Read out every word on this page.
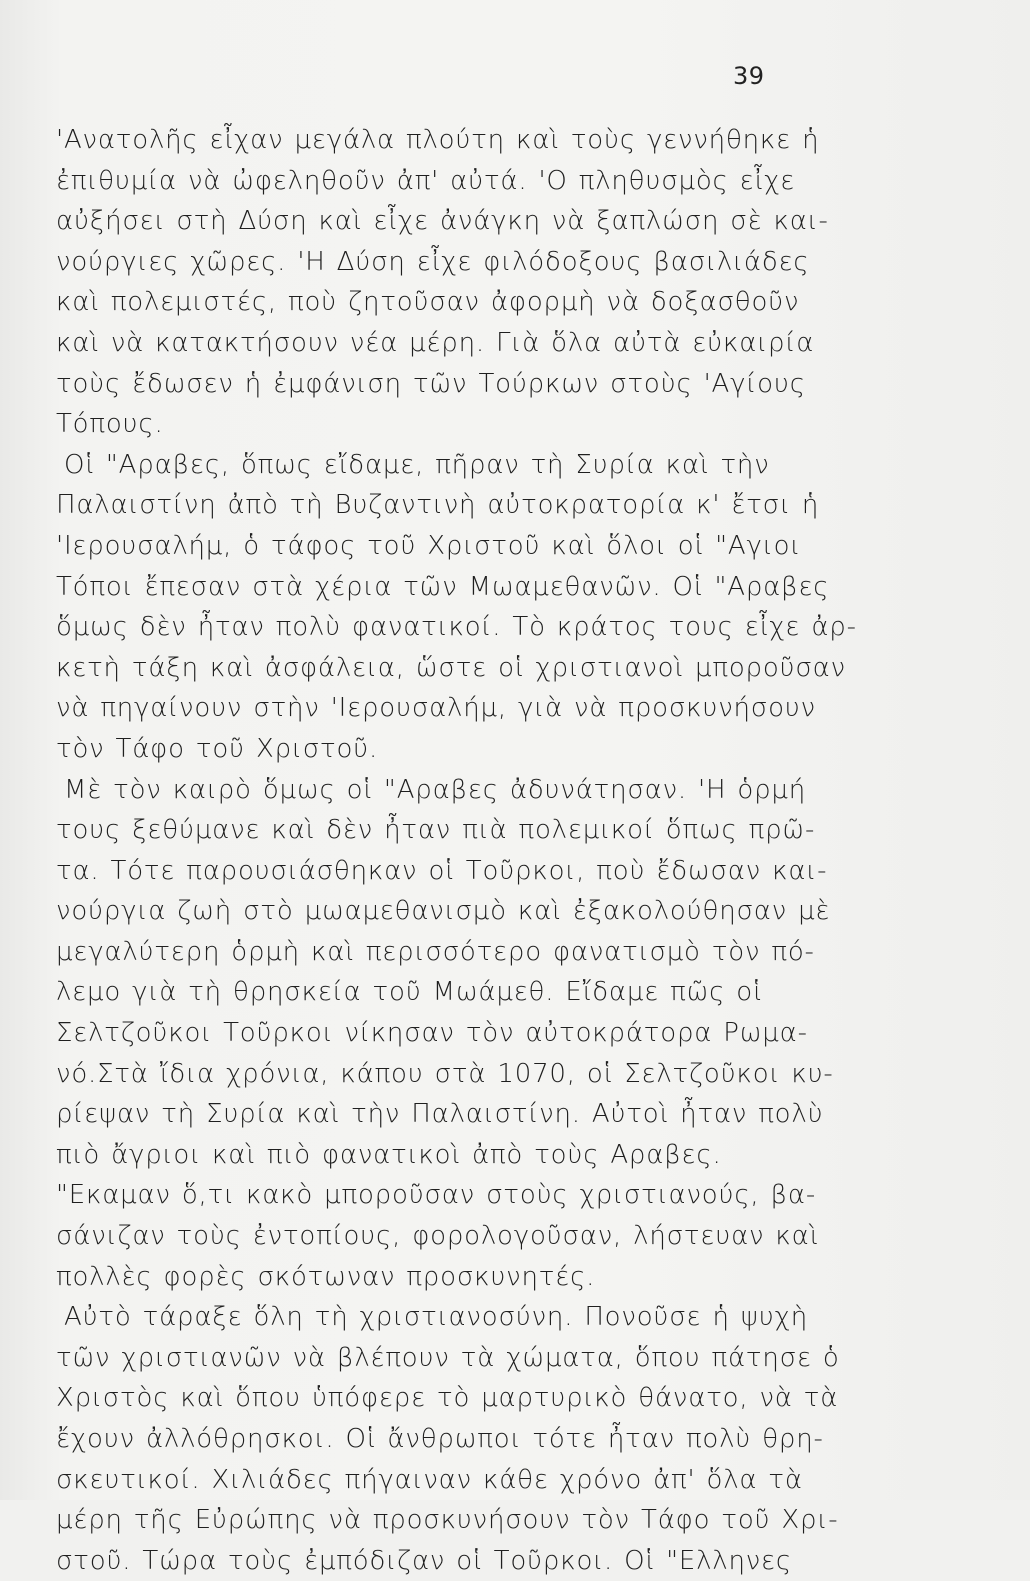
39
'Ανατολῆς εἶχαν μεγάλα πλούτη καὶ τοὺς γεννήθηκε ἡ
ἐπιθυμία νὰ ὠφεληθοῦν ἀπ' αὐτά. 'Ο πληθυσμὸς εἶχε
αὐξήσει στὴ Δύση καὶ εἶχε ἀνάγκη νὰ ξαπλώση σὲ και-
νούργιες χῶρες. 'Η Δύση εἶχε φιλόδοξους βασιλιάδες
καὶ πολεμιστές, ποὺ ζητοῦσαν ἀφορμὴ νὰ δοξασθοῦν
καὶ νὰ κατακτήσουν νέα μέρη. Γιὰ ὅλα αὐτὰ εὐκαιρία
τοὺς ἔδωσεν ἡ ἐμφάνιση τῶν Τούρκων στοὺς 'Αγίους
Τόπους.
Οἱ "Αραβες, ὅπως εἴδαμε, πῆραν τὴ Συρία καὶ τὴν
Παλαιστίνη ἀπὸ τὴ Βυζαντινὴ αὐτοκρατορία κ' ἔτσι ἡ
'Ιερουσαλήμ, ὁ τάφος τοῦ Χριστοῦ καὶ ὅλοι οἱ "Αγιοι
Τόποι ἔπεσαν στὰ χέρια τῶν Μωαμεθανῶν. Οἱ "Αραβες
ὅμως δὲν ἦταν πολὺ φανατικοί. Τὸ κράτος τους εἶχε ἀρ-
κετὴ τάξη καὶ ἀσφάλεια, ὥστε οἱ χριστιανοὶ μποροῦσαν
νὰ πηγαίνουν στὴν 'Ιερουσαλήμ, γιὰ νὰ προσκυνήσουν
τὸν Τάφο τοῦ Χριστοῦ.
Μὲ τὸν καιρὸ ὅμως οἱ "Αραβες ἀδυνάτησαν. 'Η ὁρμή
τους ξεθύμανε καὶ δὲν ἦταν πιὰ πολεμικοί ὅπως πρῶ-
τα. Τότε παρουσιάσθηκαν οἱ Τοῦρκοι, ποὺ ἔδωσαν και-
νούργια ζωὴ στὸ μωαμεθανισμὸ καὶ ἐξακολούθησαν μὲ
μεγαλύτερη ὁρμὴ καὶ περισσότερο φανατισμὸ τὸν πό-
λεμο γιὰ τὴ θρησκεία τοῦ Μωάμεθ. Εἴδαμε πῶς οἱ
Σελτζοῦκοι Τοῦρκοι νίκησαν τὸν αὐτοκράτορα Ρωμα-
νό.Στὰ ἴδια χρόνια, κάπου στὰ 1070, οἱ Σελτζοῦκοι κυ-
ρίεψαν τὴ Συρία καὶ τὴν Παλαιστίνη. Αὐτοὶ ἦταν πολὺ
πιὸ ἄγριοι καὶ πιὸ φανατικοὶ ἀπὸ τοὺς Αραβες.
"Εκαμαν ὅ,τι κακὸ μποροῦσαν στοὺς χριστιανούς, βα-
σάνιζαν τοὺς ἐντοπίους, φορολογοῦσαν, λήστευαν καὶ
πολλὲς φορὲς σκότωναν προσκυνητές.
Αὐτὸ τάραξε ὅλη τὴ χριστιανοσύνη. Πονοῦσε ἡ ψυχὴ
τῶν χριστιανῶν νὰ βλέπουν τὰ χώματα, ὅπου πάτησε ὁ
Χριστὸς καὶ ὅπου ὑπόφερε τὸ μαρτυρικὸ θάνατο, νὰ τὰ
ἔχουν ἀλλόθρησκοι. Οἱ ἄνθρωποι τότε ἦταν πολὺ θρη-
σκευτικοί. Χιλιάδες πήγαιναν κάθε χρόνο ἀπ' ὅλα τὰ
μέρη τῆς Εὐρώπης νὰ προσκυνήσουν τὸν Τάφο τοῦ Χρι-
στοῦ. Τώρα τοὺς ἐμπόδιζαν οἱ Τοῦρκοι. Οἱ "Ελληνες
